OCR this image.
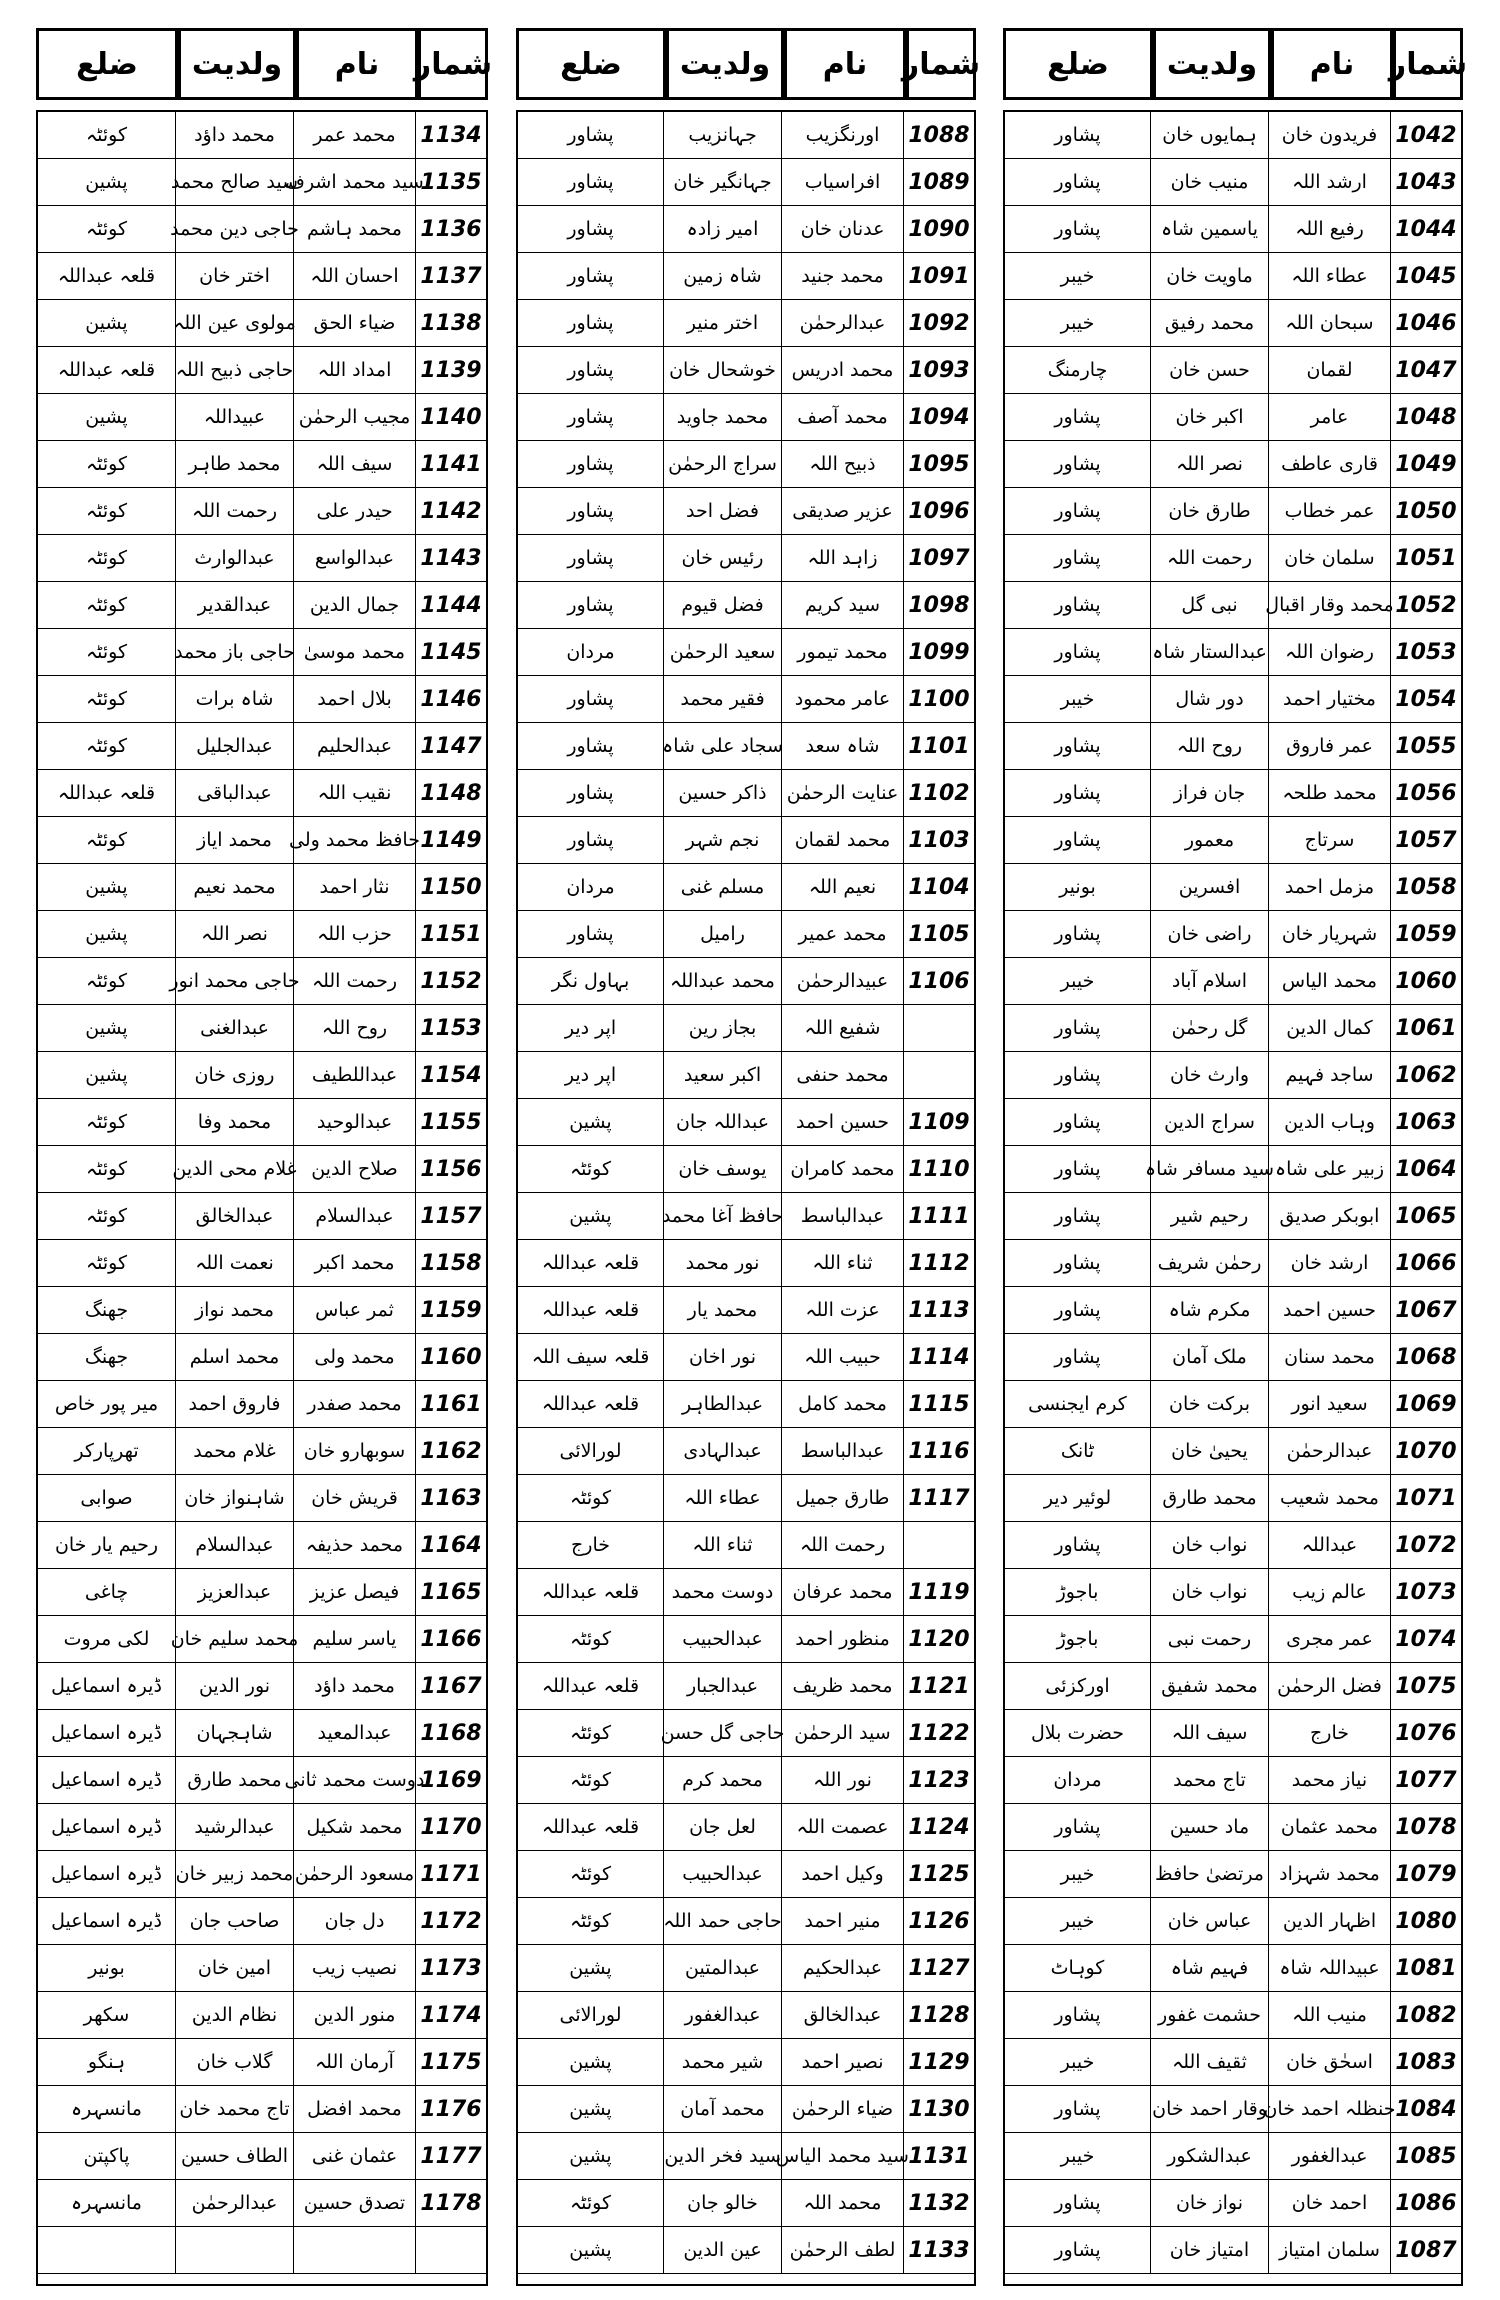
شمار
نام
ولدیت
ضلع
شمار
نام
ولدیت
ضلع
شمار
نام
ولدیت
ضلع
1042
فریدون خان
ہمایوں خان
پشاور
1043
ارشد اللہ
منیب خان
پشاور
1044
رفیع اللہ
یاسمین شاہ
پشاور
1045
عطاء اللہ
ماویت خان
خیبر
1046
سبحان اللہ
محمد رفیق
خیبر
1047
لقمان
حسن خان
چارمنگ
1048
عامر
اکبر خان
پشاور
1049
قاری عاطف
نصر اللہ
پشاور
1050
عمر خطاب
طارق خان
پشاور
1051
سلمان خان
رحمت اللہ
پشاور
1052
محمد وقار اقبال
نبی گل
پشاور
1053
رضوان اللہ
عبدالستار شاہ
پشاور
1054
مختیار احمد
دور شال
خیبر
1055
عمر فاروق
روح اللہ
پشاور
1056
محمد طلحہ
جان فراز
پشاور
1057
سرتاج
معمور
پشاور
1058
مزمل احمد
افسرین
بونیر
1059
شہریار خان
راضی خان
پشاور
1060
محمد الیاس
اسلام آباد
خیبر
1061
کمال الدین
گل رحمٰن
پشاور
1062
ساجد فہیم
وارث خان
پشاور
1063
وہاب الدین
سراج الدین
پشاور
1064
زبیر علی شاہ
سید مسافر شاہ
پشاور
1065
ابوبکر صدیق
رحیم شیر
پشاور
1066
ارشد خان
رحمٰن شریف
پشاور
1067
حسین احمد
مکرم شاہ
پشاور
1068
محمد سنان
ملک آمان
پشاور
1069
سعید انور
برکت خان
کرم ایجنسی
1070
عبدالرحمٰن
یحییٰ خان
ٹانک
1071
محمد شعیب
محمد طارق
لوئیر دیر
1072
عبداللہ
نواب خان
پشاور
1073
عالم زیب
نواب خان
باجوڑ
1074
عمر مجری
رحمت نبی
باجوڑ
1075
فضل الرحمٰن
محمد شفیق
اورکزئی
1076
خارج
سیف اللہ
حضرت بلال
1077
نیاز محمد
تاج محمد
مردان
1078
محمد عثمان
ماد حسین
پشاور
1079
محمد شہزاد
مرتضیٰ حافظ
خیبر
1080
اظہار الدین
عباس خان
خیبر
1081
عبیداللہ شاہ
فہیم شاہ
کوہاٹ
1082
منیب اللہ
حشمت غفور
پشاور
1083
اسحٰق خان
ثقیف اللہ
خیبر
1084
حنظلہ احمد خان
وقار احمد خان
پشاور
1085
عبدالغفور
عبدالشکور
خیبر
1086
احمد خان
نواز خان
پشاور
1087
سلمان امتیاز
امتیاز خان
پشاور
1088
اورنگزیب
جہانزیب
پشاور
1089
افراسیاب
جہانگیر خان
پشاور
1090
عدنان خان
امیر زادہ
پشاور
1091
محمد جنید
شاہ زمین
پشاور
1092
عبدالرحمٰن
اختر منیر
پشاور
1093
محمد ادریس
خوشحال خان
پشاور
1094
محمد آصف
محمد جاوید
پشاور
1095
ذبیح اللہ
سراج الرحمٰن
پشاور
1096
عزیر صدیقی
فضل احد
پشاور
1097
زاہد اللہ
رئیس خان
پشاور
1098
سید کریم
فضل قیوم
پشاور
1099
محمد تیمور
سعید الرحمٰن
مردان
1100
عامر محمود
فقیر محمد
پشاور
1101
شاہ سعد
سجاد علی شاہ
پشاور
1102
عنایت الرحمٰن
ذاکر حسین
پشاور
1103
محمد لقمان
نجم شہر
پشاور
1104
نعیم اللہ
مسلم غنی
مردان
1105
محمد عمیر
رامیل
پشاور
1106
عبیدالرحمٰن
محمد عبداللہ
بہاول نگر
شفیع اللہ
بجاز رین
اپر دیر
محمد حنفی
اکبر سعید
اپر دیر
1109
حسین احمد
عبداللہ جان
پشین
1110
محمد کامران
یوسف خان
کوئٹہ
1111
عبدالباسط
حافظ آغا محمد
پشین
1112
ثناء اللہ
نور محمد
قلعہ عبداللہ
1113
عزت اللہ
محمد یار
قلعہ عبداللہ
1114
حبیب اللہ
نور اخان
قلعہ سیف اللہ
1115
محمد کامل
عبدالطاہر
قلعہ عبداللہ
1116
عبدالباسط
عبدالہادی
لورالائی
1117
طارق جمیل
عطاء اللہ
کوئٹہ
رحمت اللہ
ثناء اللہ
خارج
1119
محمد عرفان
دوست محمد
قلعہ عبداللہ
1120
منظور احمد
عبدالحبیب
کوئٹہ
1121
محمد ظریف
عبدالجبار
قلعہ عبداللہ
1122
سید الرحمٰن
حاجی گل حسن
کوئٹہ
1123
نور اللہ
محمد کرم
کوئٹہ
1124
عصمت اللہ
لعل جان
قلعہ عبداللہ
1125
وکیل احمد
عبدالحبیب
کوئٹہ
1126
منیر احمد
حاجی حمد اللہ
کوئٹہ
1127
عبدالحکیم
عبدالمتین
پشین
1128
عبدالخالق
عبدالغفور
لورالائی
1129
نصیر احمد
شیر محمد
پشین
1130
ضیاء الرحمٰن
محمد آمان
پشین
1131
سید محمد الیاس
سید فخر الدین
پشین
1132
محمد اللہ
خالو جان
کوئٹہ
1133
لطف الرحمٰن
عین الدین
پشین
1134
محمد عمر
محمد داؤد
کوئٹہ
1135
سید محمد اشرف
سید صالح محمد
پشین
1136
محمد ہاشم
حاجی دین محمد
کوئٹہ
1137
احسان اللہ
اختر خان
قلعہ عبداللہ
1138
ضیاء الحق
مولوی عین اللہ
پشین
1139
امداد اللہ
حاجی ذبیح اللہ
قلعہ عبداللہ
1140
مجیب الرحمٰن
عبیداللہ
پشین
1141
سیف اللہ
محمد طاہر
کوئٹہ
1142
حیدر علی
رحمت اللہ
کوئٹہ
1143
عبدالواسع
عبدالوارث
کوئٹہ
1144
جمال الدین
عبدالقدیر
کوئٹہ
1145
محمد موسیٰ
حاجی باز محمد
کوئٹہ
1146
بلال احمد
شاہ برات
کوئٹہ
1147
عبدالحلیم
عبدالجلیل
کوئٹہ
1148
نقیب اللہ
عبدالباقی
قلعہ عبداللہ
1149
حافظ محمد ولی
محمد ایاز
کوئٹہ
1150
نثار احمد
محمد نعیم
پشین
1151
حزب اللہ
نصر اللہ
پشین
1152
رحمت اللہ
حاجی محمد انور
کوئٹہ
1153
روح اللہ
عبدالغنی
پشین
1154
عبداللطیف
روزی خان
پشین
1155
عبدالوحید
محمد وفا
کوئٹہ
1156
صلاح الدین
غلام محی الدین
کوئٹہ
1157
عبدالسلام
عبدالخالق
کوئٹہ
1158
محمد اکبر
نعمت اللہ
کوئٹہ
1159
ثمر عباس
محمد نواز
جھنگ
1160
محمد ولی
محمد اسلم
جھنگ
1161
محمد صفدر
فاروق احمد
میر پور خاص
1162
سوبھارو خان
غلام محمد
تھرپارکر
1163
قریش خان
شاہنواز خان
صوابی
1164
محمد حذیفہ
عبدالسلام
رحیم یار خان
1165
فیصل عزیز
عبدالعزیز
چاغی
1166
یاسر سلیم
محمد سلیم خان
لکی مروت
1167
محمد داؤد
نور الدین
ڈیرہ اسماعیل
1168
عبدالمعید
شاہجہان
ڈیرہ اسماعیل
1169
دوست محمد ثانی
محمد طارق
ڈیرہ اسماعیل
1170
محمد شکیل
عبدالرشید
ڈیرہ اسماعیل
1171
مسعود الرحمٰن
محمد زبیر خان
ڈیرہ اسماعیل
1172
دل جان
صاحب جان
ڈیرہ اسماعیل
1173
نصیب زیب
امین خان
بونیر
1174
منور الدین
نظام الدین
سکھر
1175
آرمان اللہ
گلاب خان
ہنگو
1176
محمد افضل
تاج محمد خان
مانسہرہ
1177
عثمان غنی
الطاف حسین
پاکپتن
1178
تصدق حسین
عبدالرحمٰن
مانسہرہ
